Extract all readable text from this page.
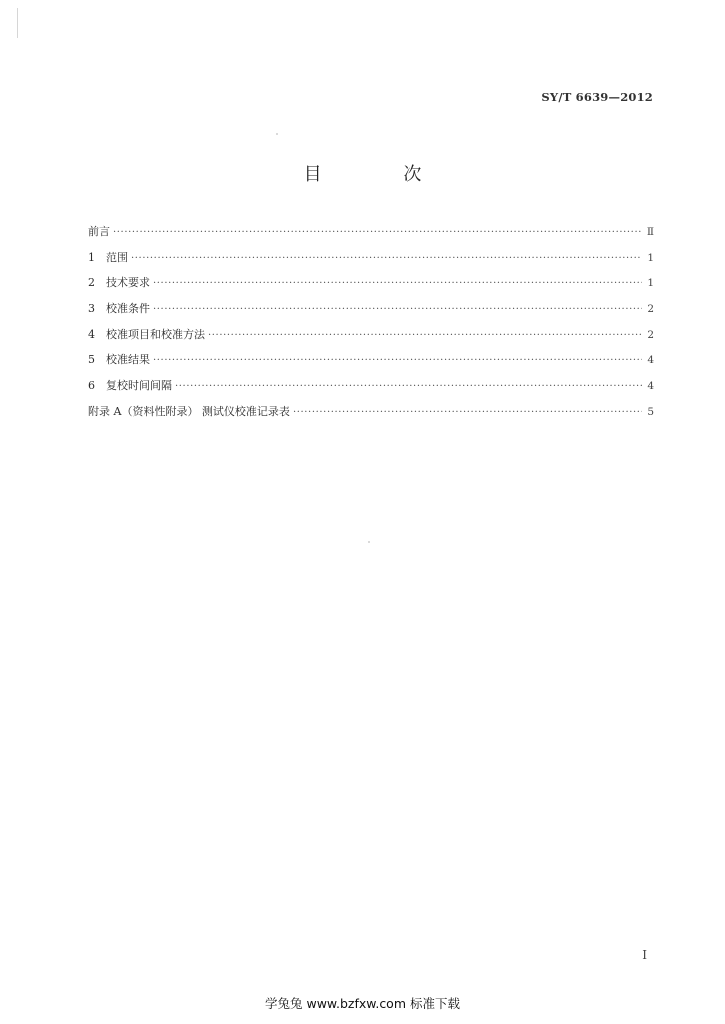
SY/T 6639—2012
目 次
前言 ·····	Ⅱ
1	范围 ·····	1
2	技术要求 ·····	1
3	校准条件 ·····	2
4	校准项目和校准方法 ·····	2
5	校准结果 ·····	4
6	复校时间间隔 ·····	4
附录 A（资料性附录） 测试仪校准记录表 ·····	5
I
学兔兔 www.bzfxw.com 标准下载
